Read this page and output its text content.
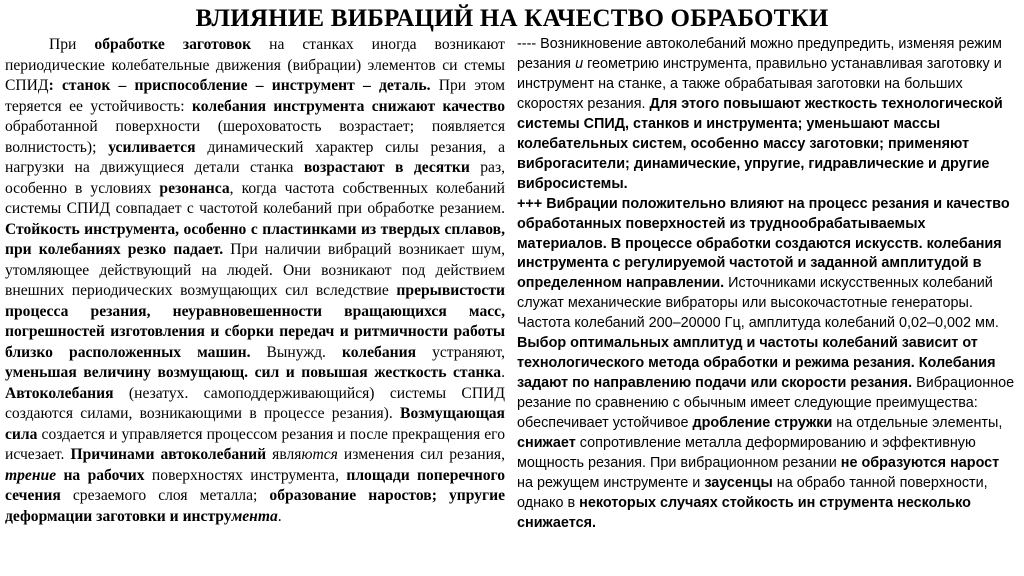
ВЛИЯНИЕ ВИБРАЦИЙ НА КАЧЕСТВО ОБРАБОТКИ

При обработке заготовок на станках иногда возникают периодические колебательные движения (вибрации) элементов си стемы СПИД: станок – приспособление – инструмент – деталь. При этом теряется ее устойчивость: колебания инструмента снижают качество обработанной поверхности (шероховатость возрастает; появляется волнистость); усиливается динамический характер силы резания, а нагрузки на движущиеся детали станка возрастают в десятки раз, особенно в условиях резонанса, когда частота собственных колебаний системы СПИД совпадает с частотой колебаний при обработке резанием. Стойкость инструмента, особенно с пластинками из твердых сплавов, при колебаниях резко падает. При наличии вибраций возникает шум, утомляющее действующий на людей. Они возникают под действием внешних периодических возмущающих сил вследствие прерывистости процесса резания, неуравновешенности вращающихся масс, погрешностей изготовления и сборки передач и ритмичности работы близко расположенных машин. Вынужд. колебания устраняют, уменьшая величину возмущающ. сил и повышая жесткость станка. Автоколебания (незатух. самоподдерживающийся) системы СПИД создаются силами, возникающими в процессе резания). Возмущающая сила создается и управляется процессом резания и после прекращения его исчезает. Причинами автоколебаний являются изменения сил резания, трение на рабочих поверхностях инструмента, площади поперечного сечения срезаемого слоя металла; образование наростов; упругие деформации заготовки и инструмента.

---- Возникновение автоколебаний можно предупредить, изменяя режим резания и геометрию инструмента, правильно устанавливая заготовку и инструмент на станке, а также обрабатывая заготовки на больших скоростях резания. Для этого повышают жесткость технологической системы СПИД, станков и инструмента; уменьшают массы колебательных систем, особенно массу заготовки; применяют виброгасители; динамические, упругие, гидравлические и другие вибросистемы.

+++ Вибрации положительно влияют на процесс резания и качество обработанных поверхностей из труднообрабатываемых материалов. В процессе обработки создаются искусств. колебания инструмента с регулируемой частотой и заданной амплитудой в определенном направлении. Источниками искусственных колебаний служат механические вибраторы или высокочастотные генераторы. Частота колебаний 200–20000 Гц, амплитуда колебаний 0,02–0,002 мм. Выбор оптимальных амплитуд и частоты колебаний зависит от технологического метода обработки и режима резания. Колебания задают по направлению подачи или скорости резания. Вибрационное резание по сравнению с обычным имеет следующие преимущества: обеспечивает устойчивое дробление стружки на отдельные элементы, снижает сопротивление металла деформированию и эффективную мощность резания. При вибрационном резании не образуются нарост на режущем инструменте и заусенцы на обрабо танной поверхности, однако в некоторых случаях стойкость ин струмента несколько снижается.
